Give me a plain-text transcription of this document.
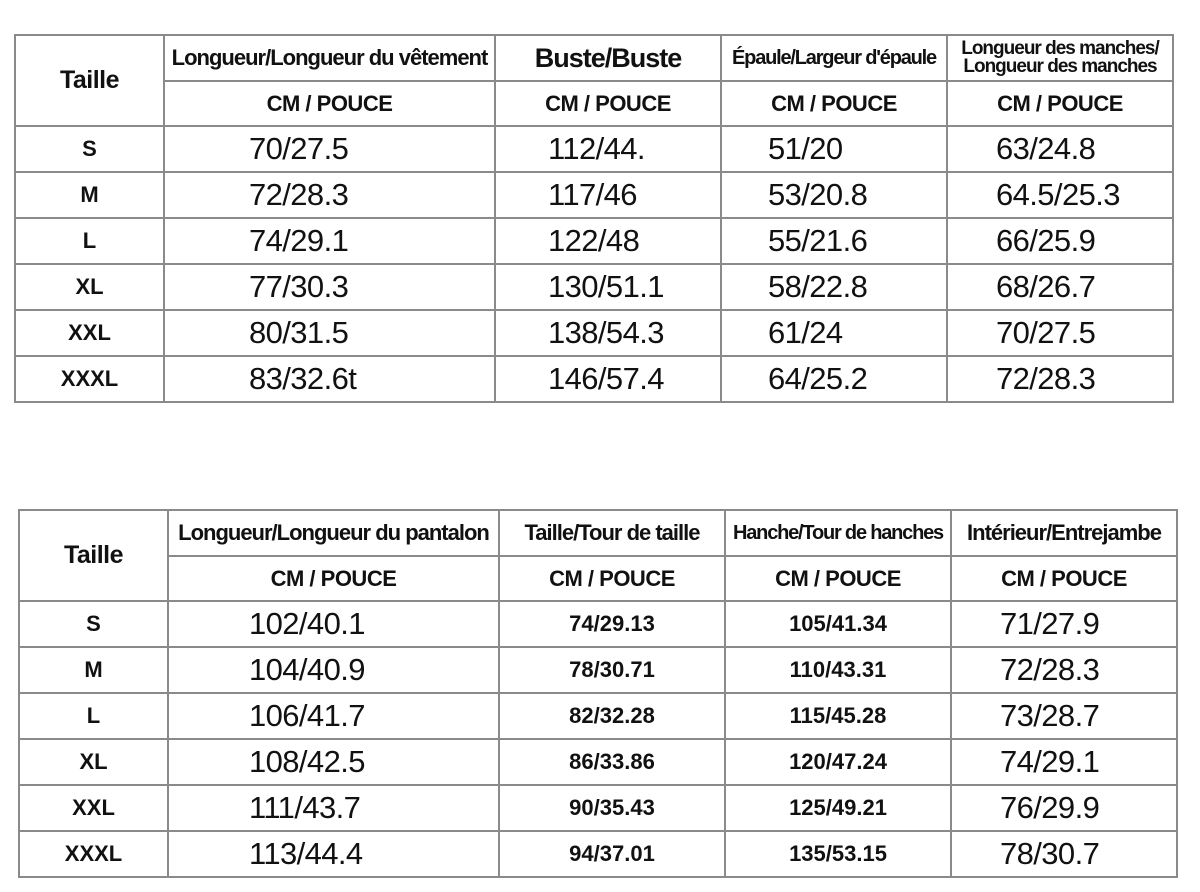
Taille	Longueur/Longueur du vêtement	Buste/Buste	Épaule/Largeur d'épaule	Longueur des manches/ Longueur des manches

	CM / POUCE	CM / POUCE	CM / POUCE	CM / POUCE
S	70/27.5	112/44.	51/20	63/24.8
M	72/28.3	117/46	53/20.8	64.5/25.3
L	74/29.1	122/48	55/21.6	66/25.9
XL	77/30.3	130/51.1	58/22.8	68/26.7
XXL	80/31.5	138/54.3	61/24	70/27.5
XXXL	83/32.6t	146/57.4	64/25.2	72/28.3
Taille	Longueur/Longueur du pantalon	Taille/Tour de taille	Hanche/Tour de hanches	Intérieur/Entrejambe
	CM / POUCE	CM / POUCE	CM / POUCE	CM / POUCE
S	102/40.1	74/29.13	105/41.34	71/27.9
M	104/40.9	78/30.71	110/43.31	72/28.3
L	106/41.7	82/32.28	115/45.28	73/28.7
XL	108/42.5	86/33.86	120/47.24	74/29.1
XXL	111/43.7	90/35.43	125/49.21	76/29.9
XXXL	113/44.4	94/37.01	135/53.15	78/30.7
